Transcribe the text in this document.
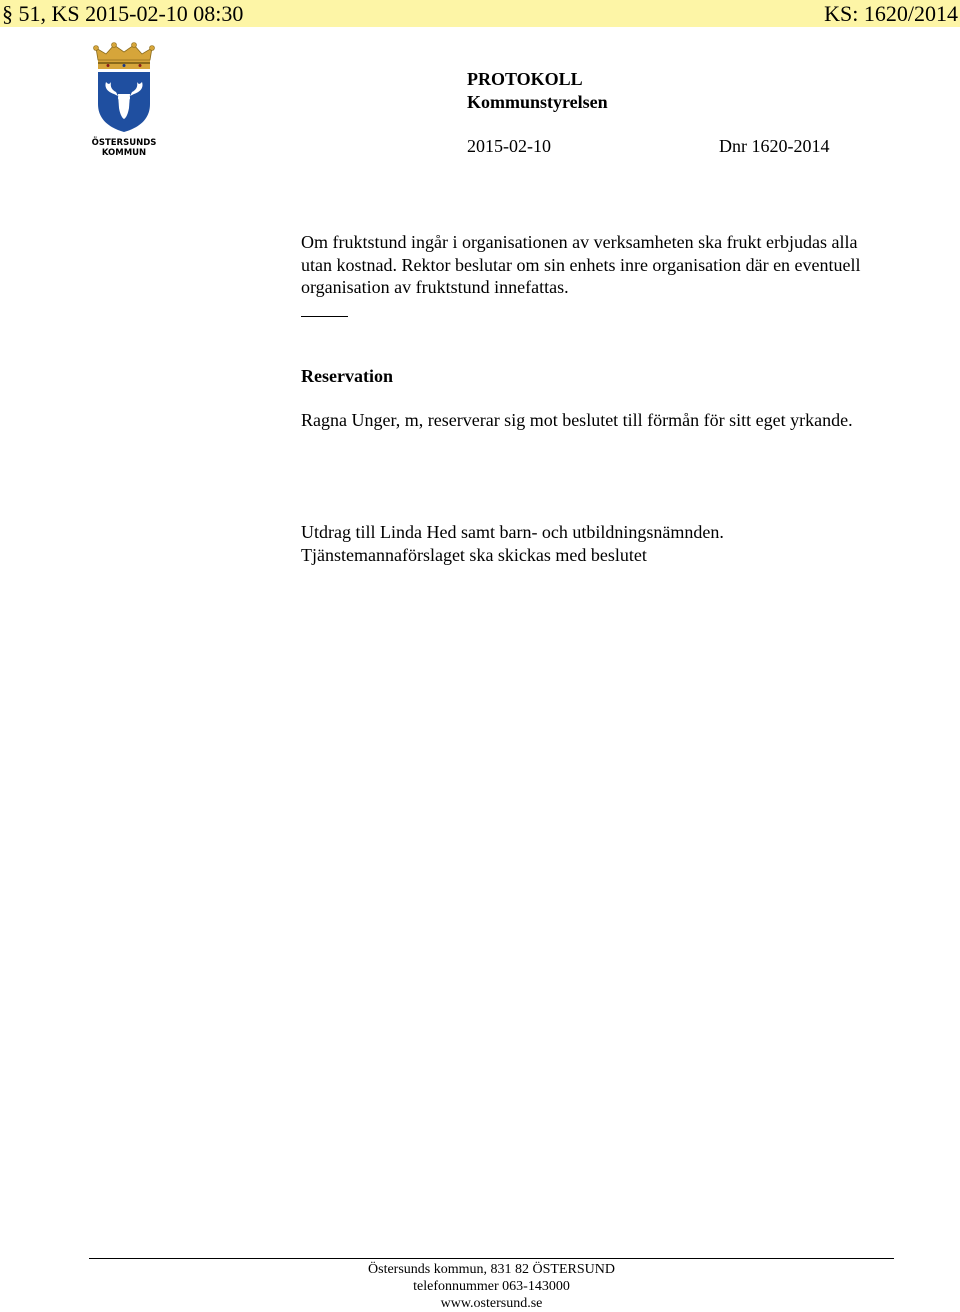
§ 51, KS 2015-02-10 08:30	KS: 1620/2014
ÖSTERSUNDS
KOMMUN
PROTOKOLL
Kommunstyrelsen
2015-02-10	Dnr 1620-2014
Om fruktstund ingår i organisationen av verksamheten ska frukt erbjudas alla utan kostnad. Rektor beslutar om sin enhets inre organisation där en eventuell organisation av fruktstund innefattas.
Reservation
Ragna Unger, m, reserverar sig mot beslutet till förmån för sitt eget yrkande.
Utdrag till Linda Hed samt barn- och utbildningsnämnden. Tjänstemannaförslaget ska skickas med beslutet
Östersunds kommun, 831 82 ÖSTERSUND
telefonnummer 063-143000
www.ostersund.se
